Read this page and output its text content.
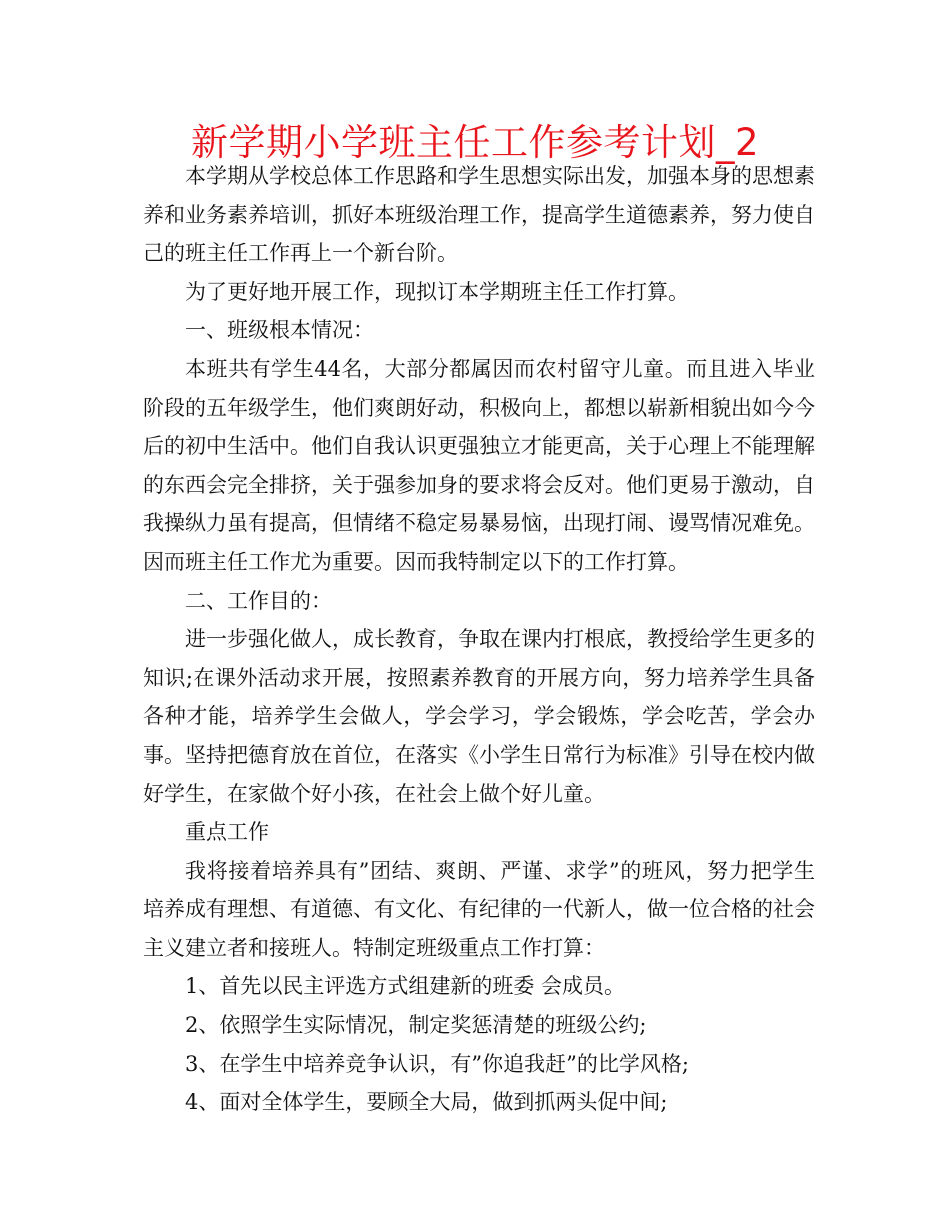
新学期小学班主任工作参考计划_2

本学期从学校总体工作思路和学生思想实际出发，加强本身的思想素养和业务素养培训，抓好本班级治理工作，提高学生道德素养，努力使自己的班主任工作再上一个新台阶。

为了更好地开展工作，现拟订本学期班主任工作打算。

一、班级根本情况：

本班共有学生44名，大部分都属因而农村留守儿童。而且进入毕业阶段的五年级学生，他们爽朗好动，积极向上，都想以崭新相貌出如今今后的初中生活中。他们自我认识更强独立才能更高，关于心理上不能理解的东西会完全排挤，关于强参加身的要求将会反对。他们更易于激动，自我操纵力虽有提高，但情绪不稳定易暴易恼，出现打闹、谩骂情况难免。因而班主任工作尤为重要。因而我特制定以下的工作打算。

二、工作目的：

进一步强化做人，成长教育，争取在课内打根底，教授给学生更多的知识;在课外活动求开展，按照素养教育的开展方向，努力培养学生具备各种才能，培养学生会做人，学会学习，学会锻炼，学会吃苦，学会办事。坚持把德育放在首位，在落实《小学生日常行为标准》引导在校内做好学生，在家做个好小孩，在社会上做个好儿童。

重点工作

我将接着培养具有”团结、爽朗、严谨、求学”的班风，努力把学生培养成有理想、有道德、有文化、有纪律的一代新人，做一位合格的社会主义建立者和接班人。特制定班级重点工作打算：

1、首先以民主评选方式组建新的班委 会成员。

2、依照学生实际情况，制定奖惩清楚的班级公约;

3、在学生中培养竞争认识，有”你追我赶”的比学风格;

4、面对全体学生，要顾全大局，做到抓两头促中间;
